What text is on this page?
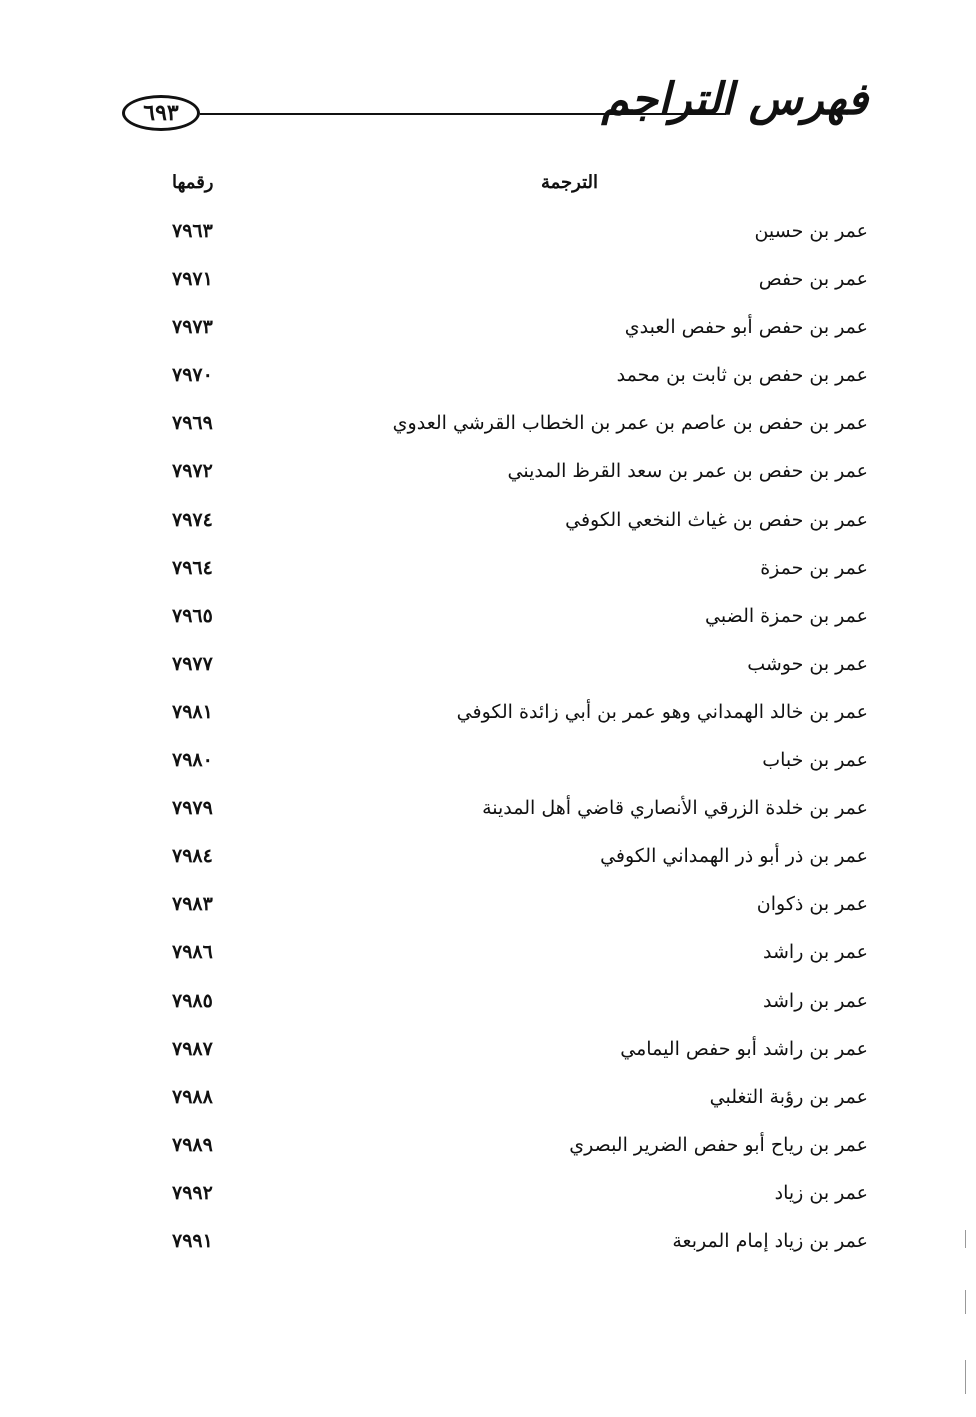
فهرس التراجم
٦٩٣
الترجمة
رقمها
عمر بن حسين
٧٩٦٣
عمر بن حفص
٧٩٧١
عمر بن حفص أبو حفص العبدي
٧٩٧٣
عمر بن حفص بن ثابت بن محمد
٧٩٧٠
عمر بن حفص بن عاصم بن عمر بن الخطاب القرشي العدوي
٧٩٦٩
عمر بن حفص بن عمر بن سعد القرظ المديني
٧٩٧٢
عمر بن حفص بن غياث النخعي الكوفي
٧٩٧٤
عمر بن حمزة
٧٩٦٤
عمر بن حمزة الضبي
٧٩٦٥
عمر بن حوشب
٧٩٧٧
عمر بن خالد الهمداني وهو عمر بن أبي زائدة الكوفي
٧٩٨١
عمر بن خباب
٧٩٨٠
عمر بن خلدة الزرقي الأنصاري قاضي أهل المدينة
٧٩٧٩
عمر بن ذر أبو ذر الهمداني الكوفي
٧٩٨٤
عمر بن ذكوان
٧٩٨٣
عمر بن راشد
٧٩٨٦
عمر بن راشد
٧٩٨٥
عمر بن راشد أبو حفص اليمامي
٧٩٨٧
عمر بن رؤبة التغلبي
٧٩٨٨
عمر بن رياح أبو حفص الضرير البصري
٧٩٨٩
عمر بن زياد
٧٩٩٢
عمر بن زياد إمام المربعة
٧٩٩١
